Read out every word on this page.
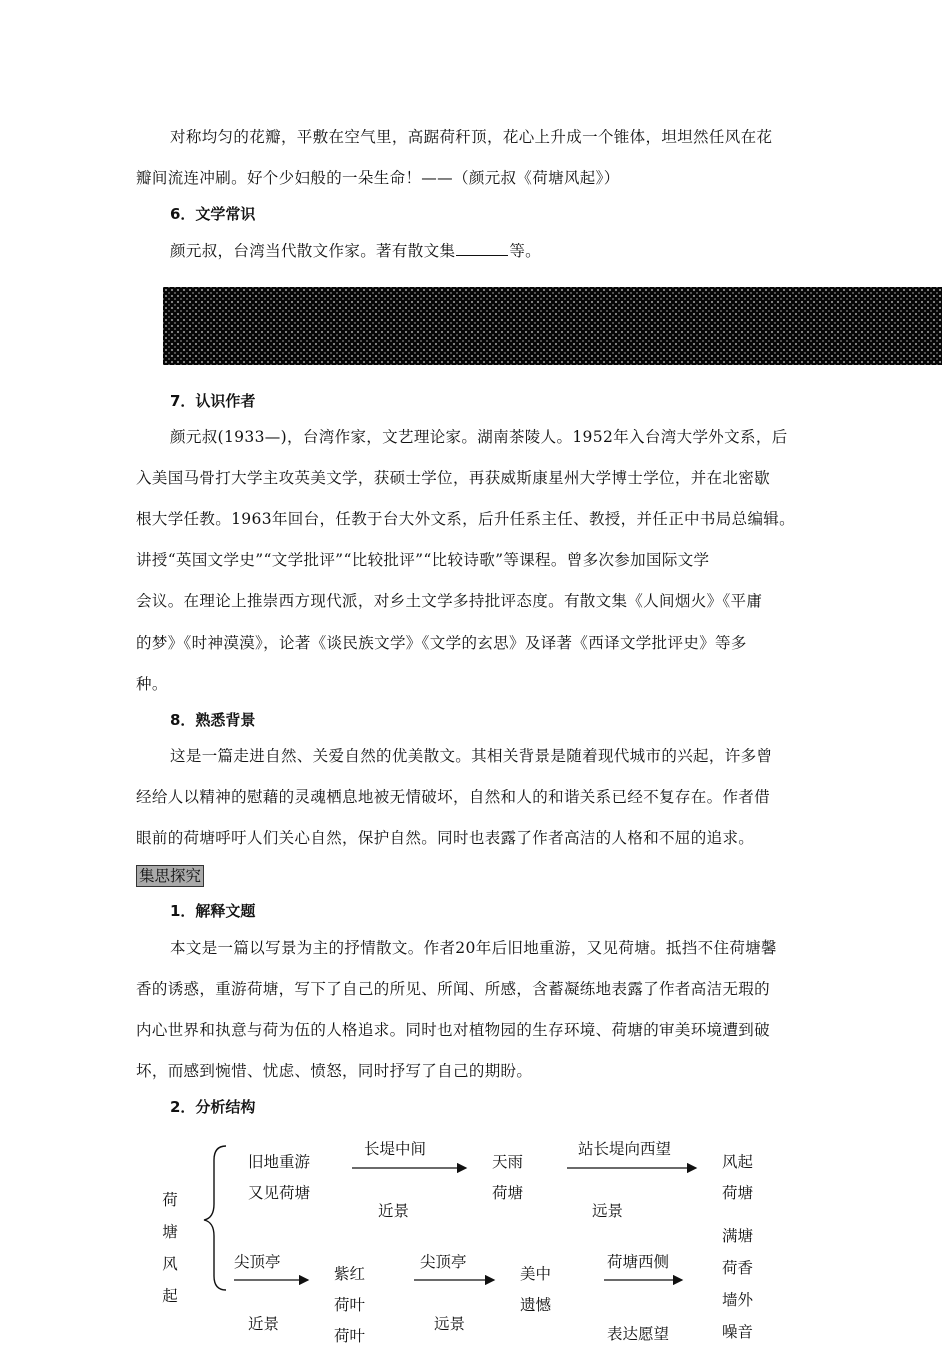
对称均匀的花瓣，平敷在空气里，高踞荷秆顶，花心上升成一个锥体，坦坦然任风在花
瓣间流连冲刷。好个少妇般的一朵生命！——（颜元叔《荷塘风起》）
6．文学常识
颜元叔，台湾当代散文作家。著有散文集	等。
7．认识作者
颜元叔(1933—)，台湾作家，文艺理论家。湖南茶陵人。1952年入台湾大学外文系，后
入美国马骨打大学主攻英美文学，获硕士学位，再获威斯康星州大学博士学位，并在北密歇
根大学任教。1963年回台，任教于台大外文系，后升任系主任、教授，并任正中书局总编辑。
讲授“英国文学史”“文学批评”“比较批评”“比较诗歌”等课程。曾多次参加国际文学
会议。在理论上推崇西方现代派，对乡土文学多持批评态度。有散文集《人间烟火》《平庸
的梦》《时神漠漠》，论著《谈民族文学》《文学的玄思》及译著《西译文学批评史》等多
种。
8．熟悉背景
这是一篇走进自然、关爱自然的优美散文。其相关背景是随着现代城市的兴起，许多曾
经给人以精神的慰藉的灵魂栖息地被无情破坏，自然和人的和谐关系已经不复存在。作者借
眼前的荷塘呼吁人们关心自然，保护自然。同时也表露了作者高洁的人格和不屈的追求。
集思探究
1．解释文题
本文是一篇以写景为主的抒情散文。作者20年后旧地重游，又见荷塘。抵挡不住荷塘馨
香的诱惑，重游荷塘，写下了自己的所见、所闻、所感，含蓄凝练地表露了作者高洁无瑕的
内心世界和执意与荷为伍的人格追求。同时也对植物园的生存环境、荷塘的审美环境遭到破
坏，而感到惋惜、忧虑、愤怒，同时抒写了自己的期盼。
2．分析结构
荷
塘
风
起
旧地重游
又见荷塘
长堤中间
近景
天雨
荷塘
站长堤向西望
远景
风起
荷塘
尖顶亭
近景
紫红
荷叶
荷叶
尖顶亭
远景
美中
遗憾
荷塘西侧
表达愿望
满塘
荷香
墙外
噪音
